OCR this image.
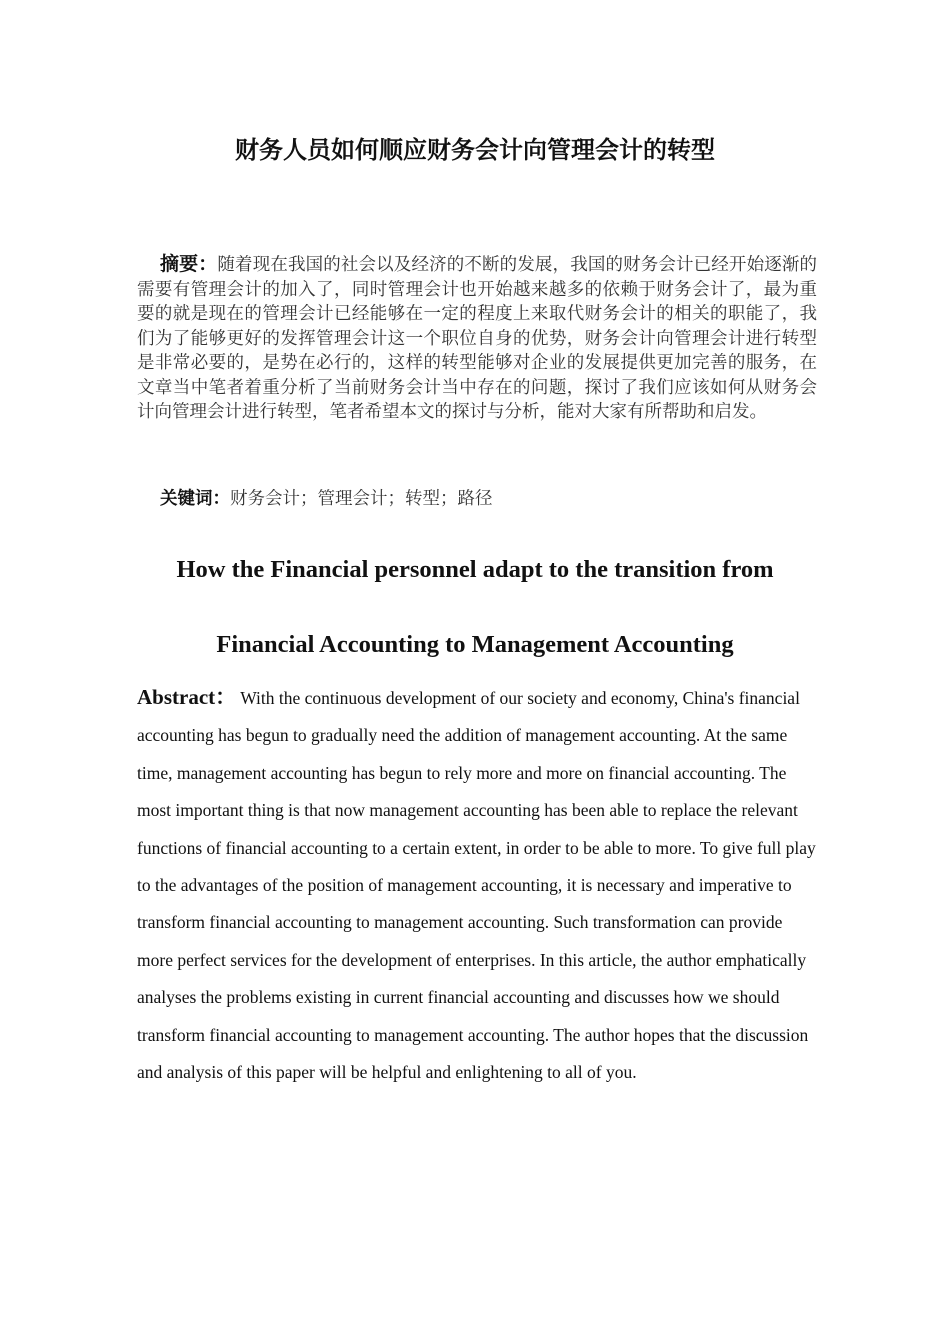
财务人员如何顺应财务会计向管理会计的转型
摘要：随着现在我国的社会以及经济的不断的发展，我国的财务会计已经开始逐渐的需要有管理会计的加入了，同时管理会计也开始越来越多的依赖于财务会计了，最为重要的就是现在的管理会计已经能够在一定的程度上来取代财务会计的相关的职能了，我们为了能够更好的发挥管理会计这一个职位自身的优势，财务会计向管理会计进行转型是非常必要的，是势在必行的，这样的转型能够对企业的发展提供更加完善的服务，在文章当中笔者着重分析了当前财务会计当中存在的问题，探讨了我们应该如何从财务会计向管理会计进行转型，笔者希望本文的探讨与分析，能对大家有所帮助和启发。
关键词：财务会计；管理会计；转型；路径
How the Financial personnel adapt to the transition from
Financial Accounting to Management Accounting
Abstract： With the continuous development of our society and economy, China's financial accounting has begun to gradually need the addition of management accounting. At the same time, management accounting has begun to rely more and more on financial accounting. The most important thing is that now management accounting has been able to replace the relevant functions of financial accounting to a certain extent, in order to be able to more. To give full play to the advantages of the position of management accounting, it is necessary and imperative to transform financial accounting to management accounting. Such transformation can provide more perfect services for the development of enterprises. In this article, the author emphatically analyses the problems existing in current financial accounting and discusses how we should transform financial accounting to management accounting. The author hopes that the discussion and analysis of this paper will be helpful and enlightening to all of you.
